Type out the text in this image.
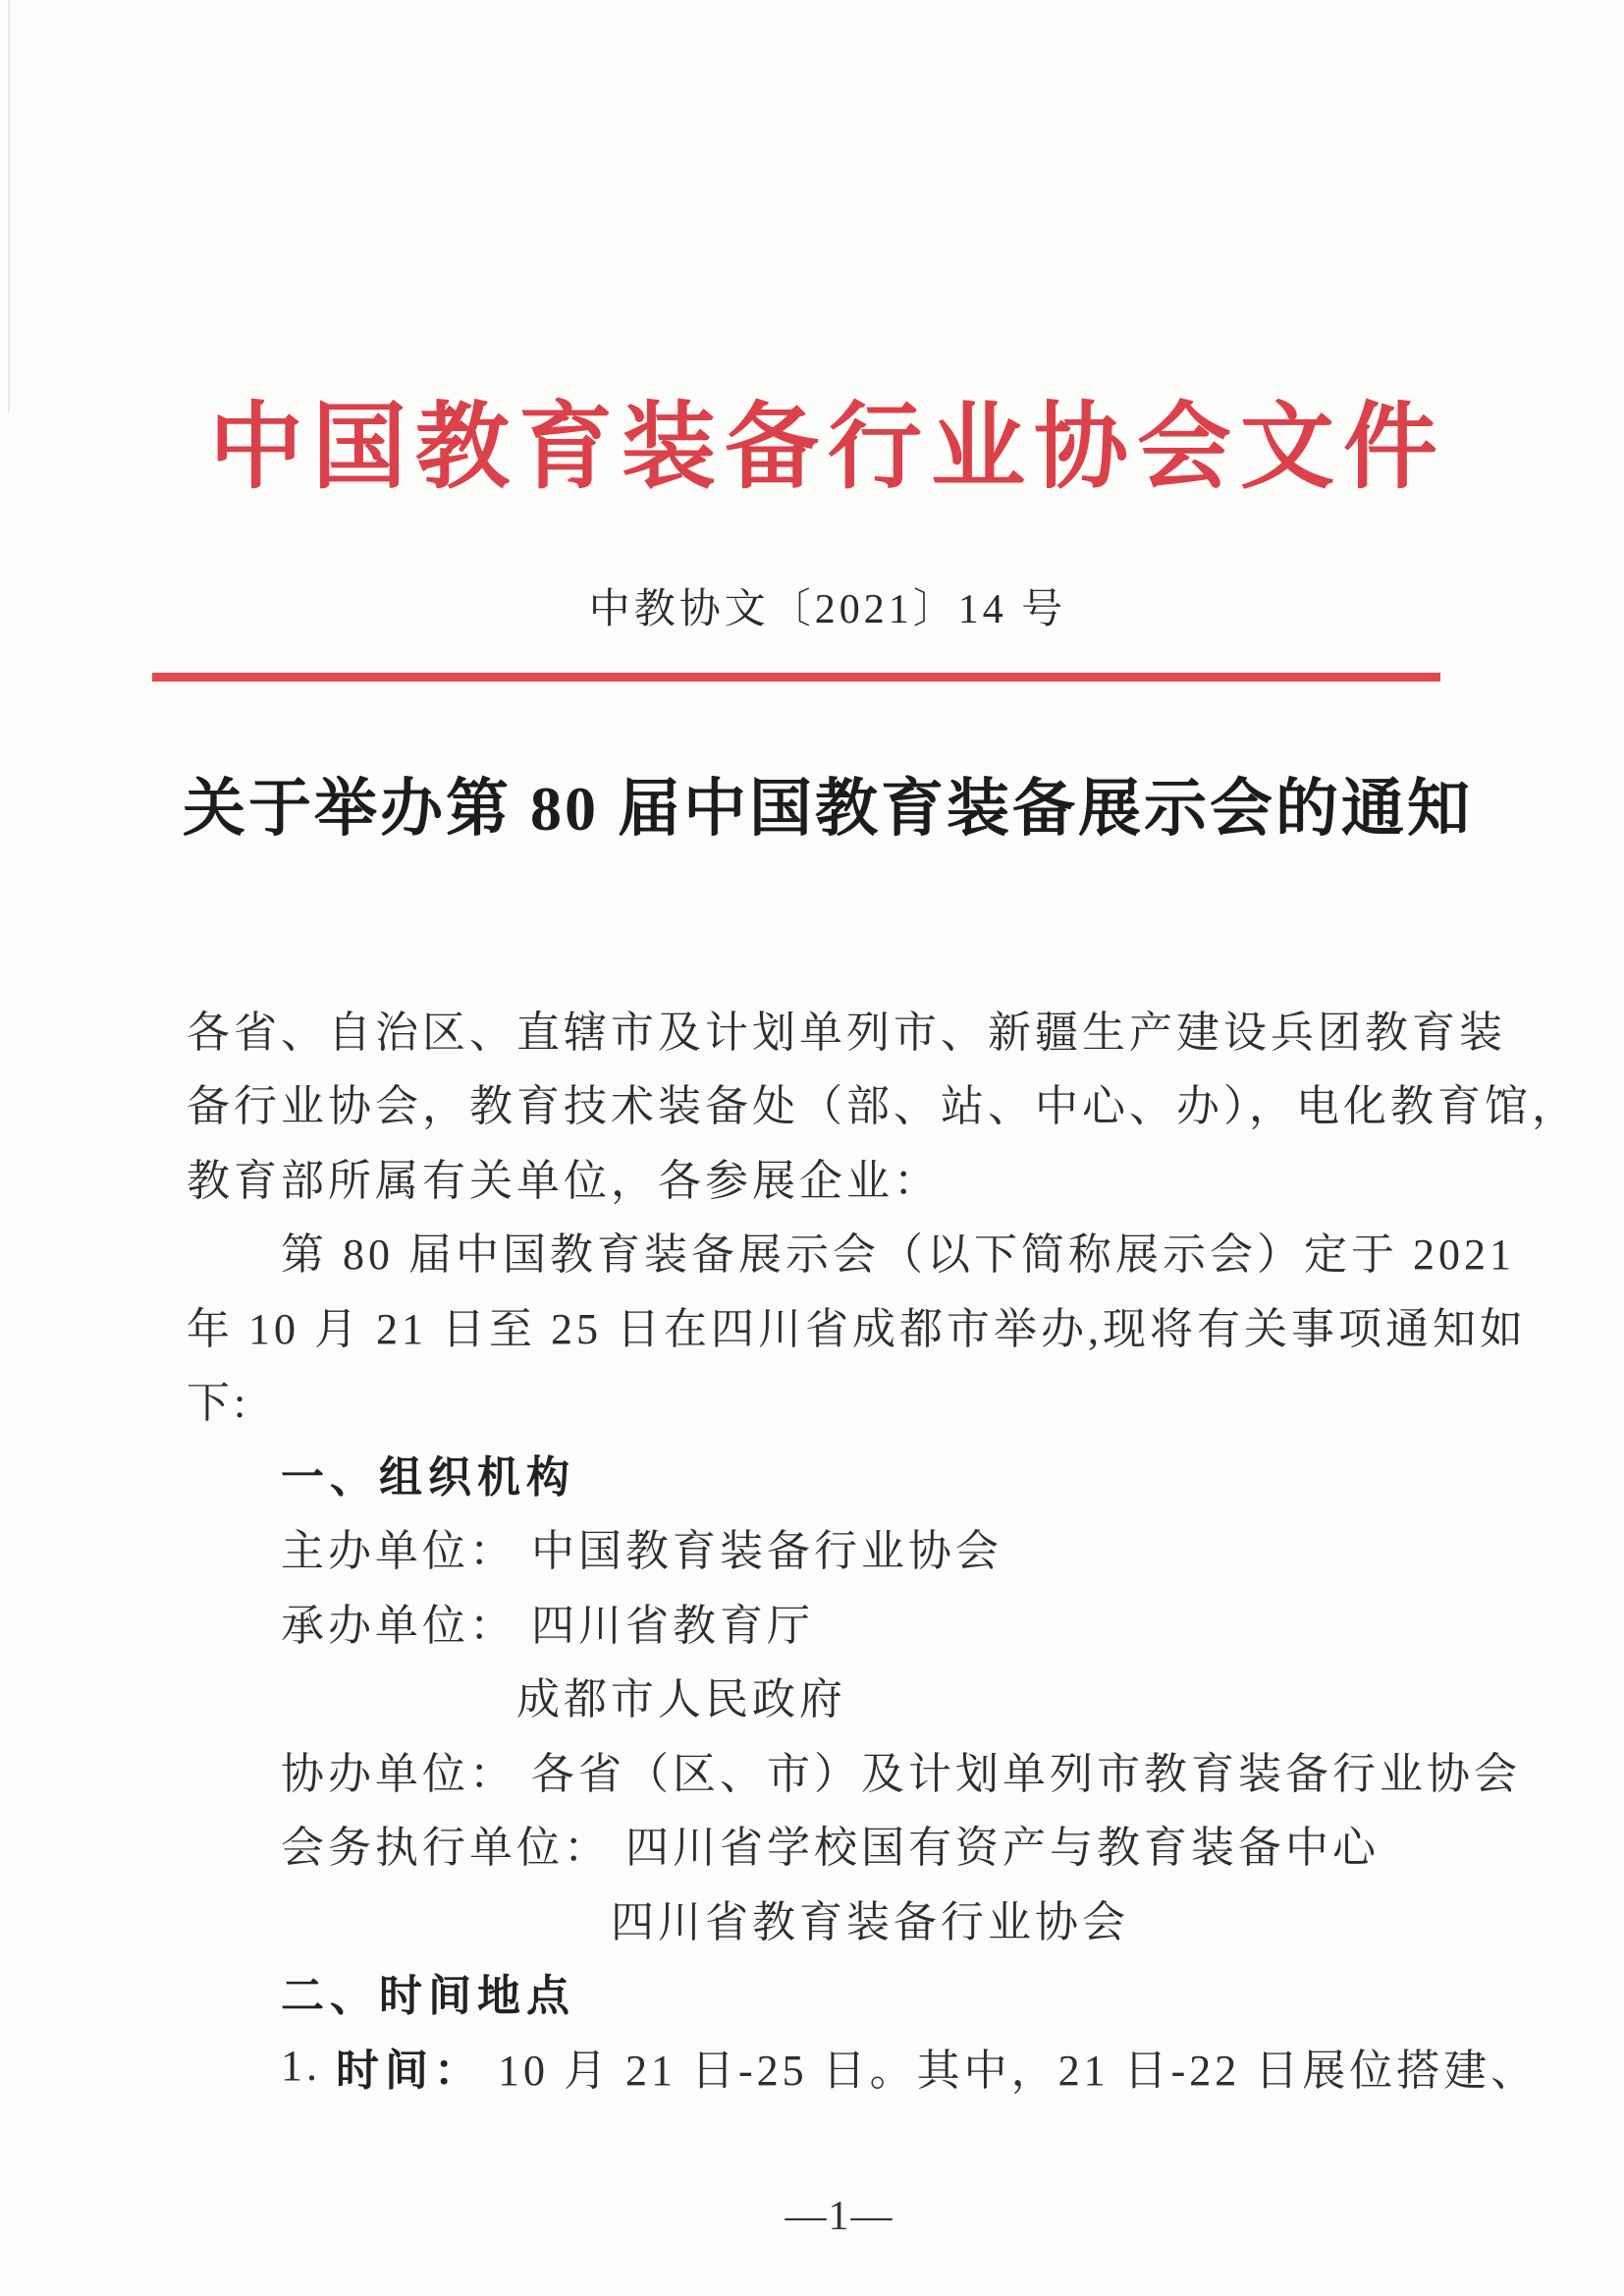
中国教育装备行业协会文件
中教协文〔2021〕14 号
关于举办第 80 届中国教育装备展示会的通知
各省、自治区、直辖市及计划单列市、新疆生产建设兵团教育装
备行业协会，教育技术装备处（部、站、中心、办），电化教育馆，
教育部所属有关单位，各参展企业：
第 80 届中国教育装备展示会（以下简称展示会）定于 2021
年 10 月 21 日至 25 日在四川省成都市举办,现将有关事项通知如
下:
一、组织机构
主办单位： 中国教育装备行业协会
承办单位： 四川省教育厅
成都市人民政府
协办单位： 各省（区、市）及计划单列市教育装备行业协会
会务执行单位： 四川省学校国有资产与教育装备中心
四川省教育装备行业协会
二、时间地点
1. 时间： 10 月 21 日-25 日。其中，21 日-22 日展位搭建、
—1—
